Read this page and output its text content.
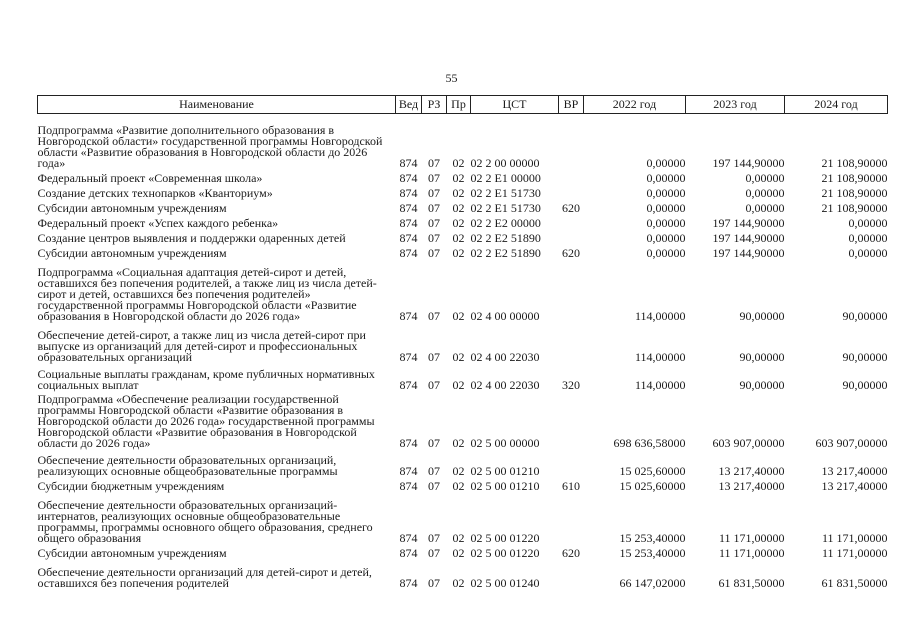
55
Наименование	Вед	РЗ	Пр	ЦСТ	ВР	2022 год	2023 год	2024 год
Подпрограмма «Развитие дополнительного образования в Новгородской области» государственной программы Новгородской области «Развитие образования в Новгородской области до 2026 года»	874	07	02	02 2 00 00000		0,00000	197 144,90000	21 108,90000
Федеральный проект «Современная школа»	874	07	02	02 2 E1 00000		0,00000	0,00000	21 108,90000
Создание детских технопарков «Кванториум»	874	07	02	02 2 E1 51730		0,00000	0,00000	21 108,90000
Субсидии автономным учреждениям	874	07	02	02 2 E1 51730	620	0,00000	0,00000	21 108,90000
Федеральный проект «Успех каждого ребенка»	874	07	02	02 2 E2 00000		0,00000	197 144,90000	0,00000
Создание центров выявления и поддержки одаренных детей	874	07	02	02 2 E2 51890		0,00000	197 144,90000	0,00000
Субсидии автономным учреждениям	874	07	02	02 2 E2 51890	620	0,00000	197 144,90000	0,00000
Подпрограмма «Социальная адаптация детей-сирот и детей, оставшихся без попечения родителей, а также лиц из числа детей-сирот и детей, оставшихся без попечения родителей» государственной программы Новгородской области «Развитие образования в Новгородской области до 2026 года»	874	07	02	02 4 00 00000		114,00000	90,00000	90,00000
Обеспечение детей-сирот, а также лиц из числа детей-сирот при выпуске из организаций для детей-сирот и профессиональных образовательных организаций	874	07	02	02 4 00 22030		114,00000	90,00000	90,00000
Социальные выплаты гражданам, кроме публичных нормативных социальных выплат	874	07	02	02 4 00 22030	320	114,00000	90,00000	90,00000
Подпрограмма «Обеспечение реализации государственной программы Новгородской области «Развитие образования в Новгородской области до 2026 года» государственной программы Новгородской области «Развитие образования в Новгородской области до 2026 года»	874	07	02	02 5 00 00000		698 636,58000	603 907,00000	603 907,00000
Обеспечение деятельности образовательных организаций, реализующих основные общеобразовательные программы	874	07	02	02 5 00 01210		15 025,60000	13 217,40000	13 217,40000
Субсидии бюджетным учреждениям	874	07	02	02 5 00 01210	610	15 025,60000	13 217,40000	13 217,40000
Обеспечение деятельности образовательных организаций-интернатов, реализующих основные общеобразовательные программы, программы основного общего образования, среднего общего образования	874	07	02	02 5 00 01220		15 253,40000	11 171,00000	11 171,00000
Субсидии автономным учреждениям	874	07	02	02 5 00 01220	620	15 253,40000	11 171,00000	11 171,00000
Обеспечение деятельности организаций для детей-сирот и детей, оставшихся без попечения родителей	874	07	02	02 5 00 01240		66 147,02000	61 831,50000	61 831,50000
